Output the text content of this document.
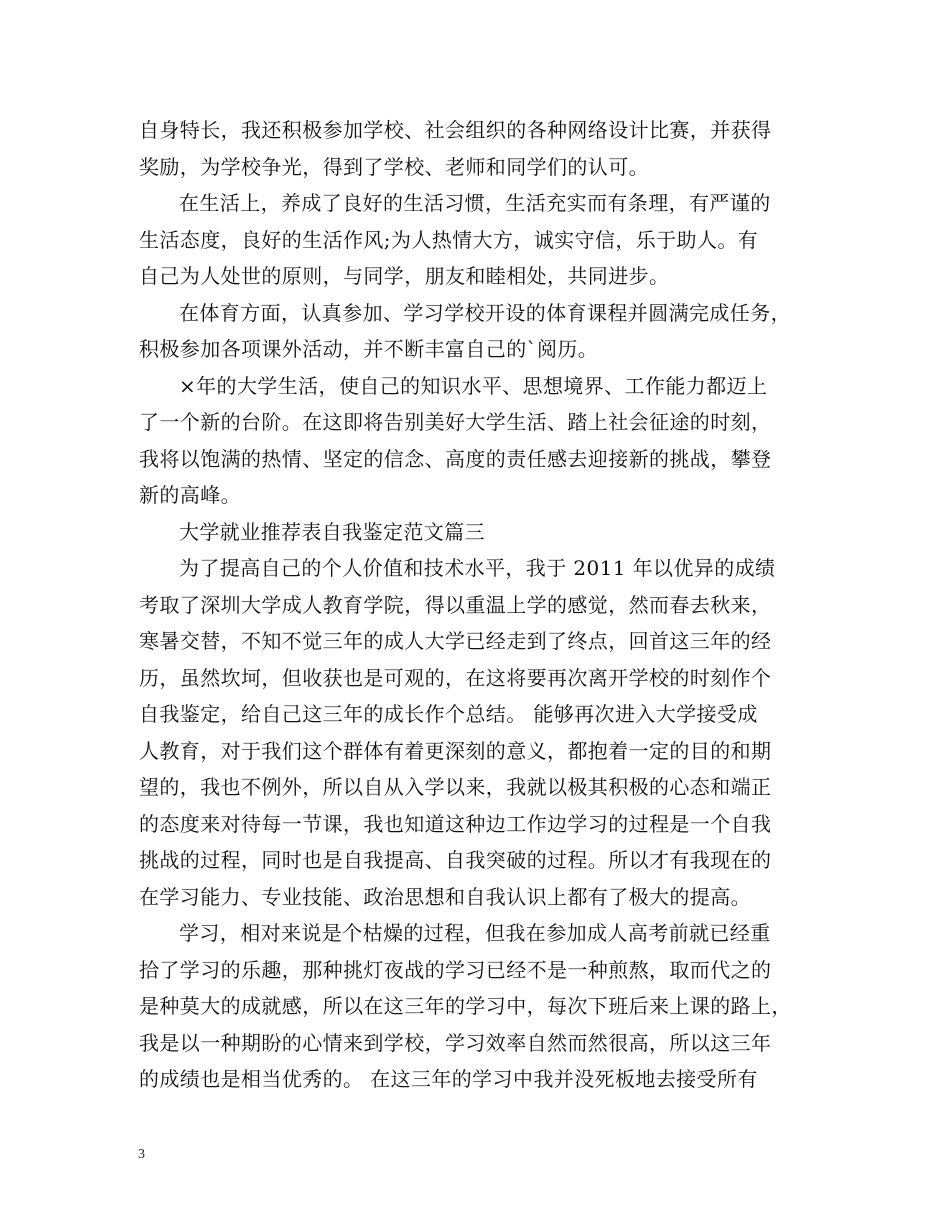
自身特长，我还积极参加学校、社会组织的各种网络设计比赛，并获得
奖励，为学校争光，得到了学校、老师和同学们的认可。
在生活上，养成了良好的生活习惯，生活充实而有条理，有严谨的
生活态度，良好的生活作风;为人热情大方，诚实守信，乐于助人。有
自己为人处世的原则，与同学，朋友和睦相处，共同进步。
在体育方面，认真参加、学习学校开设的体育课程并圆满完成任务，
积极参加各项课外活动，并不断丰富自己的`阅历。
×年的大学生活，使自己的知识水平、思想境界、工作能力都迈上
了一个新的台阶。在这即将告别美好大学生活、踏上社会征途的时刻，
我将以饱满的热情、坚定的信念、高度的责任感去迎接新的挑战，攀登
新的高峰。
大学就业推荐表自我鉴定范文篇三
为了提高自己的个人价值和技术水平，我于 2011 年以优异的成绩
考取了深圳大学成人教育学院，得以重温上学的感觉，然而春去秋来，
寒暑交替，不知不觉三年的成人大学已经走到了终点，回首这三年的经
历，虽然坎坷，但收获也是可观的，在这将要再次离开学校的时刻作个
自我鉴定，给自己这三年的成长作个总结。 能够再次进入大学接受成
人教育，对于我们这个群体有着更深刻的意义，都抱着一定的目的和期
望的，我也不例外，所以自从入学以来，我就以极其积极的心态和端正
的态度来对待每一节课，我也知道这种边工作边学习的过程是一个自我
挑战的过程，同时也是自我提高、自我突破的过程。所以才有我现在的
在学习能力、专业技能、政治思想和自我认识上都有了极大的提高。
学习，相对来说是个枯燥的过程，但我在参加成人高考前就已经重
拾了学习的乐趣，那种挑灯夜战的学习已经不是一种煎熬，取而代之的
是种莫大的成就感，所以在这三年的学习中，每次下班后来上课的路上，
我是以一种期盼的心情来到学校，学习效率自然而然很高，所以这三年
的成绩也是相当优秀的。 在这三年的学习中我并没死板地去接受所有
3
